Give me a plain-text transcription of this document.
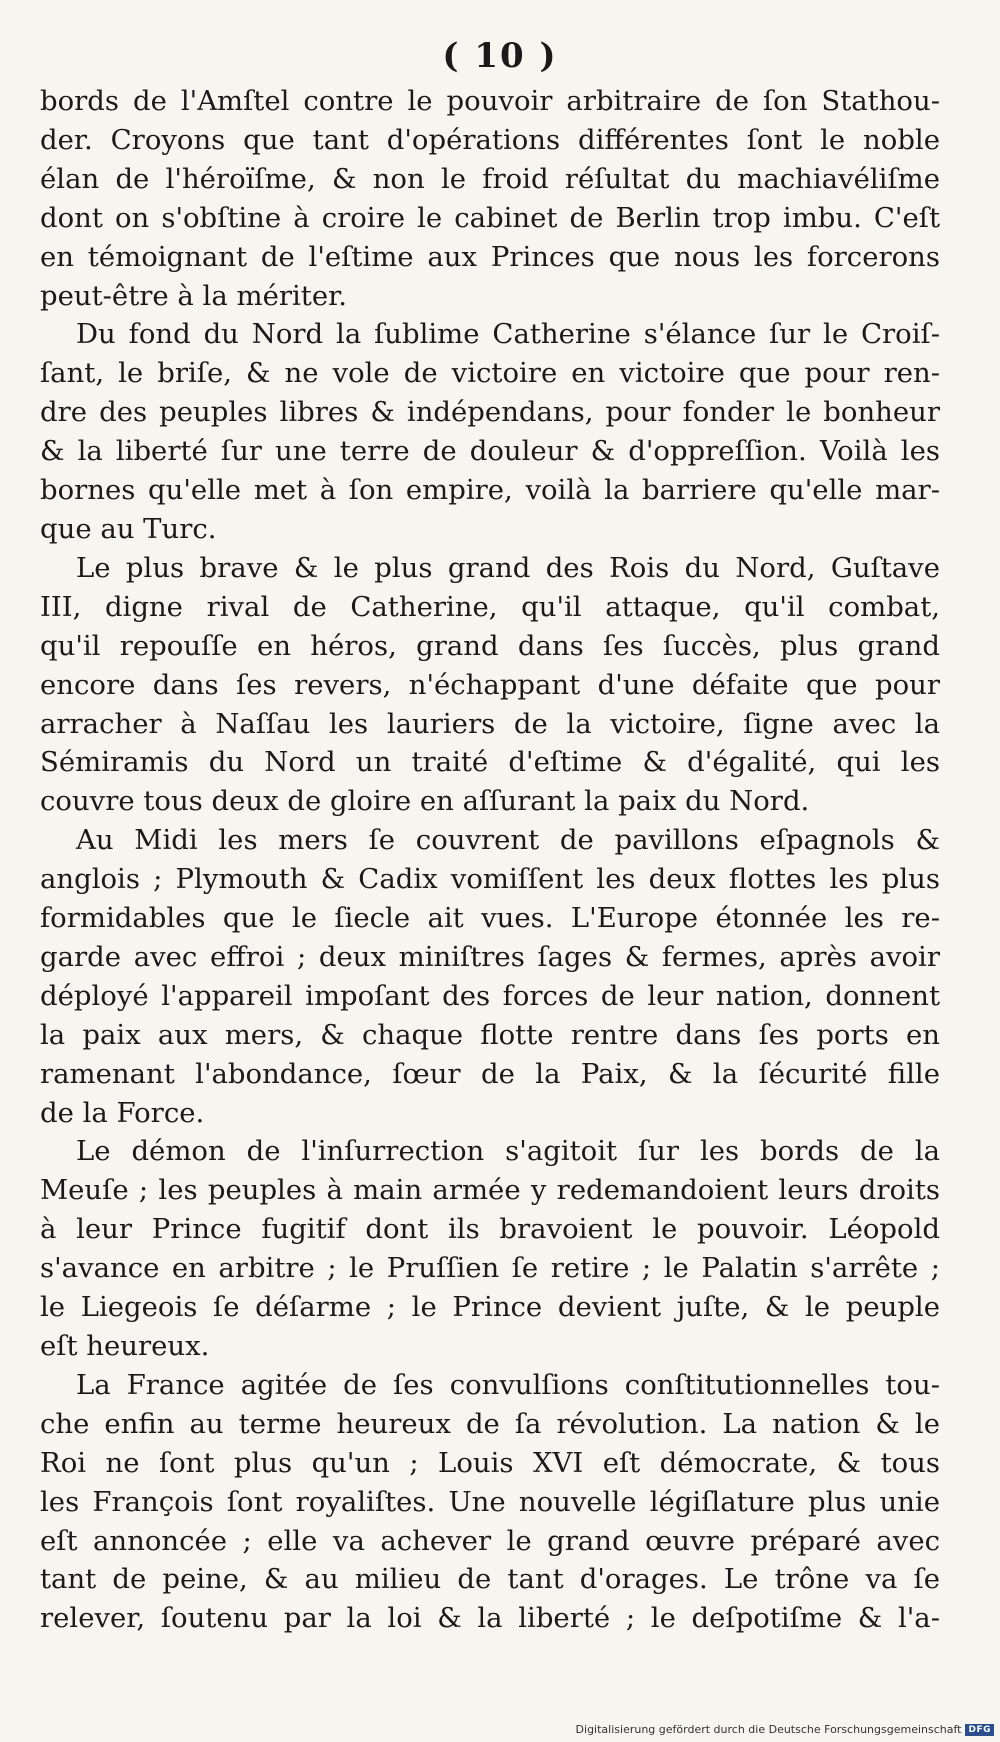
( 10 )

bords de l'Amſtel contre le pouvoir arbitraire de ſon Stathou-
der. Croyons que tant d'opérations différentes ſont le noble
élan de l'héroïſme, & non le froid réſultat du machiavéliſme
dont on s'obſtine à croire le cabinet de Berlin trop imbu. C'eſt
en témoignant de l'eſtime aux Princes que nous les forcerons
peut-être à la mériter.

Du fond du Nord la ſublime Catherine s'élance ſur le Croiſ-
ſant, le briſe, & ne vole de victoire en victoire que pour ren-
dre des peuples libres & indépendans, pour fonder le bonheur
& la liberté ſur une terre de douleur & d'oppreſſion. Voilà les
bornes qu'elle met à ſon empire, voilà la barriere qu'elle mar-
que au Turc.

Le plus brave & le plus grand des Rois du Nord, Guſtave
III, digne rival de Catherine, qu'il attaque, qu'il combat,
qu'il repouſſe en héros, grand dans ſes ſuccès, plus grand
encore dans ſes revers, n'échappant d'une défaite que pour
arracher à Naſſau les lauriers de la victoire, ſigne avec la
Sémiramis du Nord un traité d'eſtime & d'égalité, qui les
couvre tous deux de gloire en aſſurant la paix du Nord.

Au Midi les mers ſe couvrent de pavillons eſpagnols &
anglois ; Plymouth & Cadix vomiſſent les deux flottes les plus
formidables que le ſiecle ait vues. L'Europe étonnée les re-
garde avec effroi ; deux miniſtres ſages & fermes, après avoir
déployé l'appareil impoſant des forces de leur nation, donnent
la paix aux mers, & chaque flotte rentre dans ſes ports en
ramenant l'abondance, ſœur de la Paix, & la ſécurité fille
de la Force.

Le démon de l'inſurrection s'agitoit ſur les bords de la
Meuſe ; les peuples à main armée y redemandoient leurs droits
à leur Prince fugitif dont ils bravoient le pouvoir. Léopold
s'avance en arbitre ; le Pruſſien ſe retire ; le Palatin s'arrête ;
le Liegeois ſe déſarme ; le Prince devient juſte, & le peuple
eſt heureux.

La France agitée de ſes convulſions conſtitutionnelles tou-
che enfin au terme heureux de ſa révolution. La nation & le
Roi ne ſont plus qu'un ; Louis XVI eſt démocrate, & tous
les François ſont royaliſtes. Une nouvelle légiſlature plus unie
eſt annoncée ; elle va achever le grand œuvre préparé avec
tant de peine, & au milieu de tant d'orages. Le trône va ſe
relever, ſoutenu par la loi & la liberté ; le deſpotiſme & l'a-

Digitalisierung gefördert durch die Deutsche Forschungsgemeinschaft DFG
